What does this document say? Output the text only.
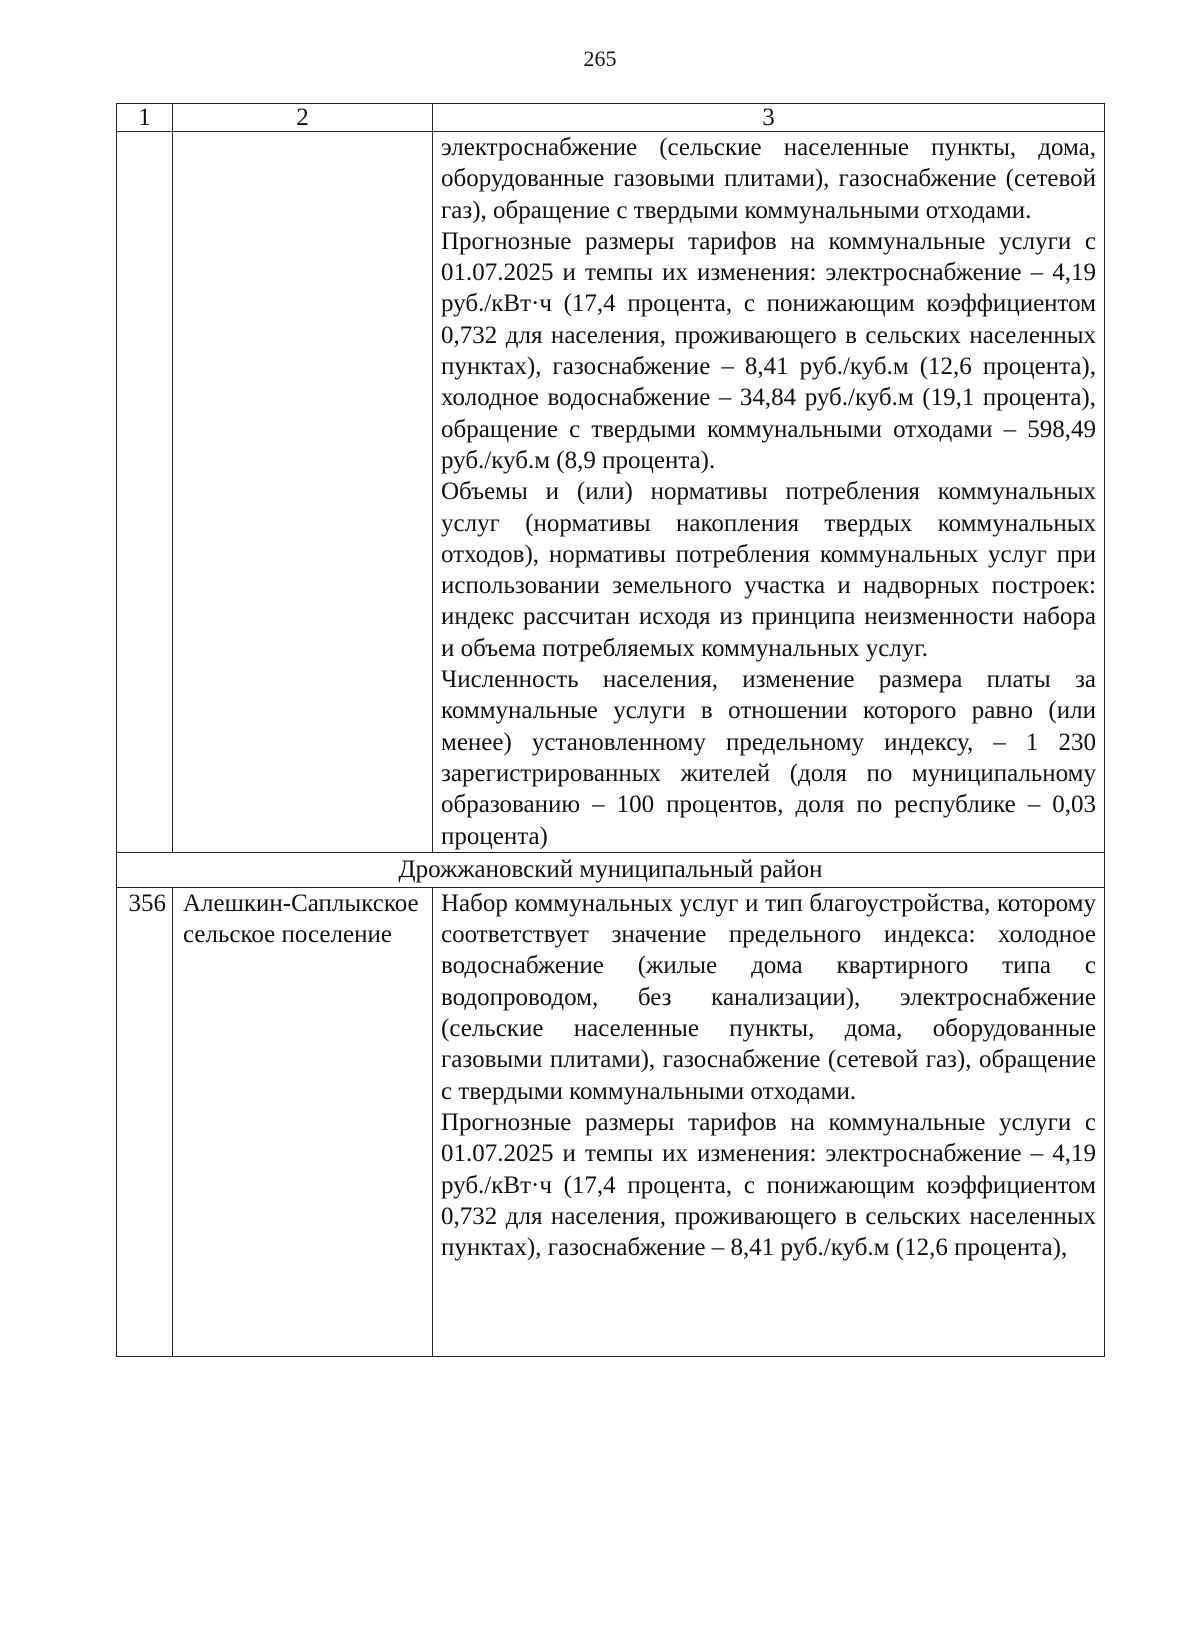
265
1	2	3

		электроснабжение (сельские населенные пункты, дома, оборудованные газовыми плитами), газоснабжение (сетевой газ), обращение с твердыми коммунальными отходами.
Прогнозные размеры тарифов на коммунальные услуги с 01.07.2025 и темпы их изменения: электроснабжение – 4,19 руб./кВт·ч (17,4 процента, с понижающим коэффициентом 0,732 для населения, проживающего в сельских населенных пунктах), газоснабжение – 8,41 руб./куб.м (12,6 процента), холодное водоснабжение – 34,84 руб./куб.м (19,1 процента), обращение с твердыми коммунальными отходами – 598,49 руб./куб.м (8,9 процента).
Объемы и (или) нормативы потребления коммунальных услуг (нормативы накопления твердых коммунальных отходов), нормативы потребления коммунальных услуг при использовании земельного участка и надворных построек: индекс рассчитан исходя из принципа неизменности набора и объема потребляемых коммунальных услуг.
Численность населения, изменение размера платы за коммунальные услуги в отношении которого равно (или менее) установленному предельному индексу, – 1 230 зарегистрированных жителей (доля по муниципальному образованию – 100 процентов, доля по республике – 0,03 процента)

Дрожжановский муниципальный район		
356	Алешкин-Саплыкское сельское поселение	Набор коммунальных услуг и тип благоустройства, которому соответствует значение предельного индекса: холодное водоснабжение (жилые дома квартирного типа с водопроводом, без канализации), электроснабжение (сельские населенные пункты, дома, оборудованные газовыми плитами), газоснабжение (сетевой газ), обращение с твердыми коммунальными отходами.
Прогнозные размеры тарифов на коммунальные услуги с 01.07.2025 и темпы их изменения: электроснабжение – 4,19 руб./кВт·ч (17,4 процента, с понижающим коэффициентом 0,732 для населения, проживающего в сельских населенных пунктах), газоснабжение – 8,41 руб./куб.м (12,6 процента),
